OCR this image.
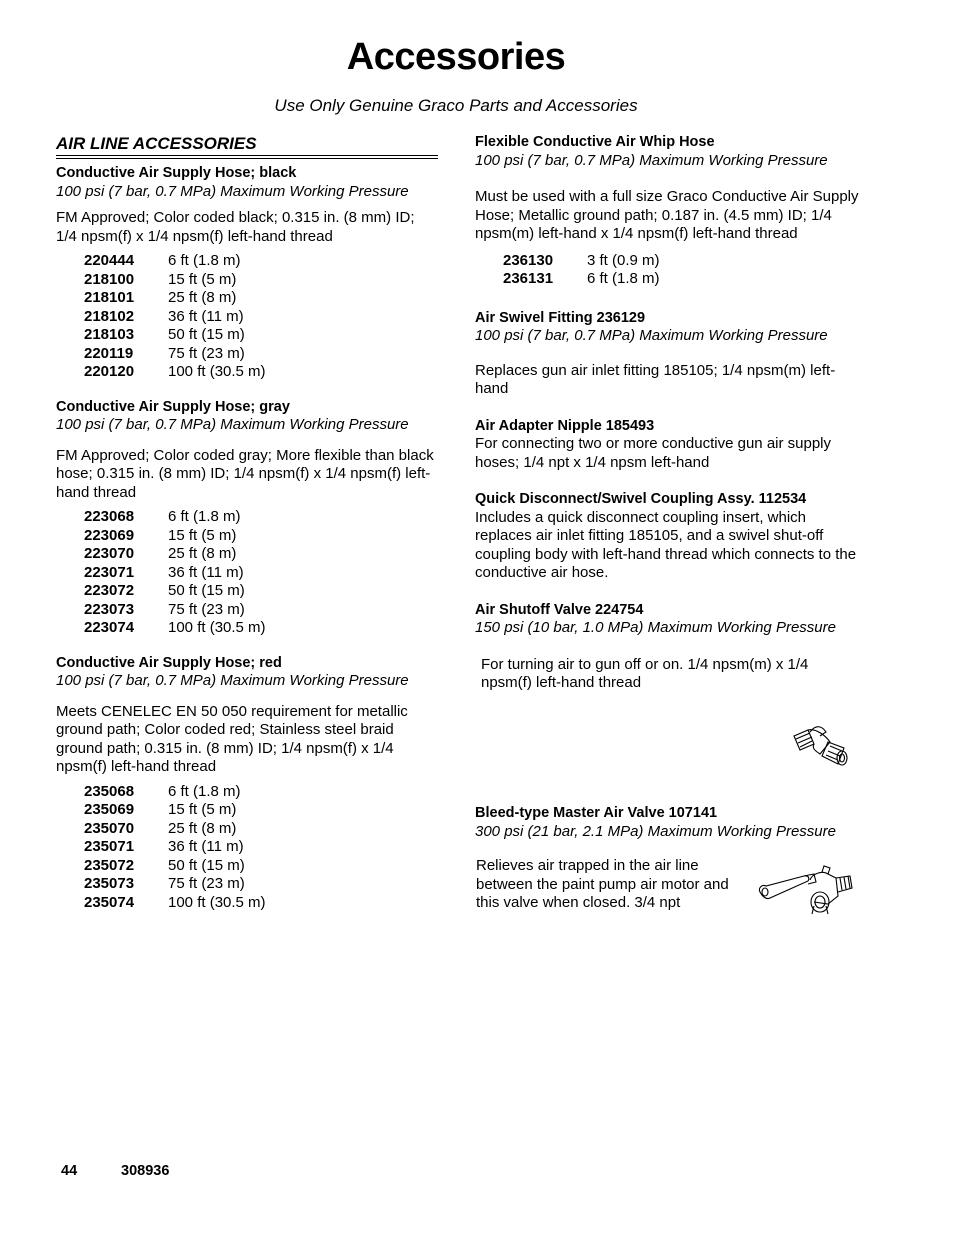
Accessories
Use Only Genuine Graco Parts and Accessories
AIR LINE ACCESSORIES
Conductive Air Supply Hose; black
100 psi (7 bar, 0.7 MPa) Maximum Working Pressure
FM Approved; Color coded black; 0.315 in. (8 mm) ID; 1/4 npsm(f) x 1/4 npsm(f) left-hand thread
220444	6 ft (1.8 m)
218100	15 ft (5 m)
218101	25 ft (8 m)
218102	36 ft (11 m)
218103	50 ft (15 m)
220119	75 ft (23 m)
220120	100 ft (30.5 m)
Conductive Air Supply Hose; gray
100 psi (7 bar, 0.7 MPa) Maximum Working Pressure
FM Approved; Color coded gray; More flexible than black hose; 0.315 in. (8 mm) ID; 1/4 npsm(f) x 1/4 npsm(f) left-hand thread
223068	6 ft (1.8 m)
223069	15 ft (5 m)
223070	25 ft (8 m)
223071	36 ft (11 m)
223072	50 ft (15 m)
223073	75 ft (23 m)
223074	100 ft (30.5 m)
Conductive Air Supply Hose; red
100 psi (7 bar, 0.7 MPa) Maximum Working Pressure
Meets CENELEC EN 50 050 requirement for metallic ground path; Color coded red; Stainless steel braid ground path; 0.315 in. (8 mm) ID; 1/4 npsm(f) x 1/4 npsm(f) left-hand thread
235068	6 ft (1.8 m)
235069	15 ft (5 m)
235070	25 ft (8 m)
235071	36 ft (11 m)
235072	50 ft (15 m)
235073	75 ft (23 m)
235074	100 ft (30.5 m)
Flexible Conductive Air Whip Hose
100 psi (7 bar, 0.7 MPa) Maximum Working Pressure
Must be used with a full size Graco Conductive Air Supply Hose; Metallic ground path; 0.187 in. (4.5 mm) ID; 1/4 npsm(m) left-hand x 1/4 npsm(f) left-hand thread
236130	3 ft (0.9 m)
236131	6 ft (1.8 m)
Air Swivel Fitting 236129
100 psi (7 bar, 0.7 MPa) Maximum Working Pressure
Replaces gun air inlet fitting 185105; 1/4 npsm(m) left-hand
Air Adapter Nipple 185493
For connecting two or more conductive gun air supply hoses; 1/4 npt x 1/4 npsm left-hand
Quick Disconnect/Swivel Coupling Assy. 112534
Includes a quick disconnect coupling insert, which replaces air inlet fitting 185105, and a swivel shut-off coupling body with left-hand thread which connects to the conductive air hose.
Air Shutoff Valve 224754
150 psi (10 bar, 1.0 MPa) Maximum Working Pressure
For turning air to gun off or on. 1/4 npsm(m) x 1/4 npsm(f) left-hand thread
Bleed-type Master Air Valve 107141
300 psi (21 bar, 2.1 MPa) Maximum Working Pressure
Relieves air trapped in the air line between the paint pump air motor and this valve when closed. 3/4 npt
44	308936
